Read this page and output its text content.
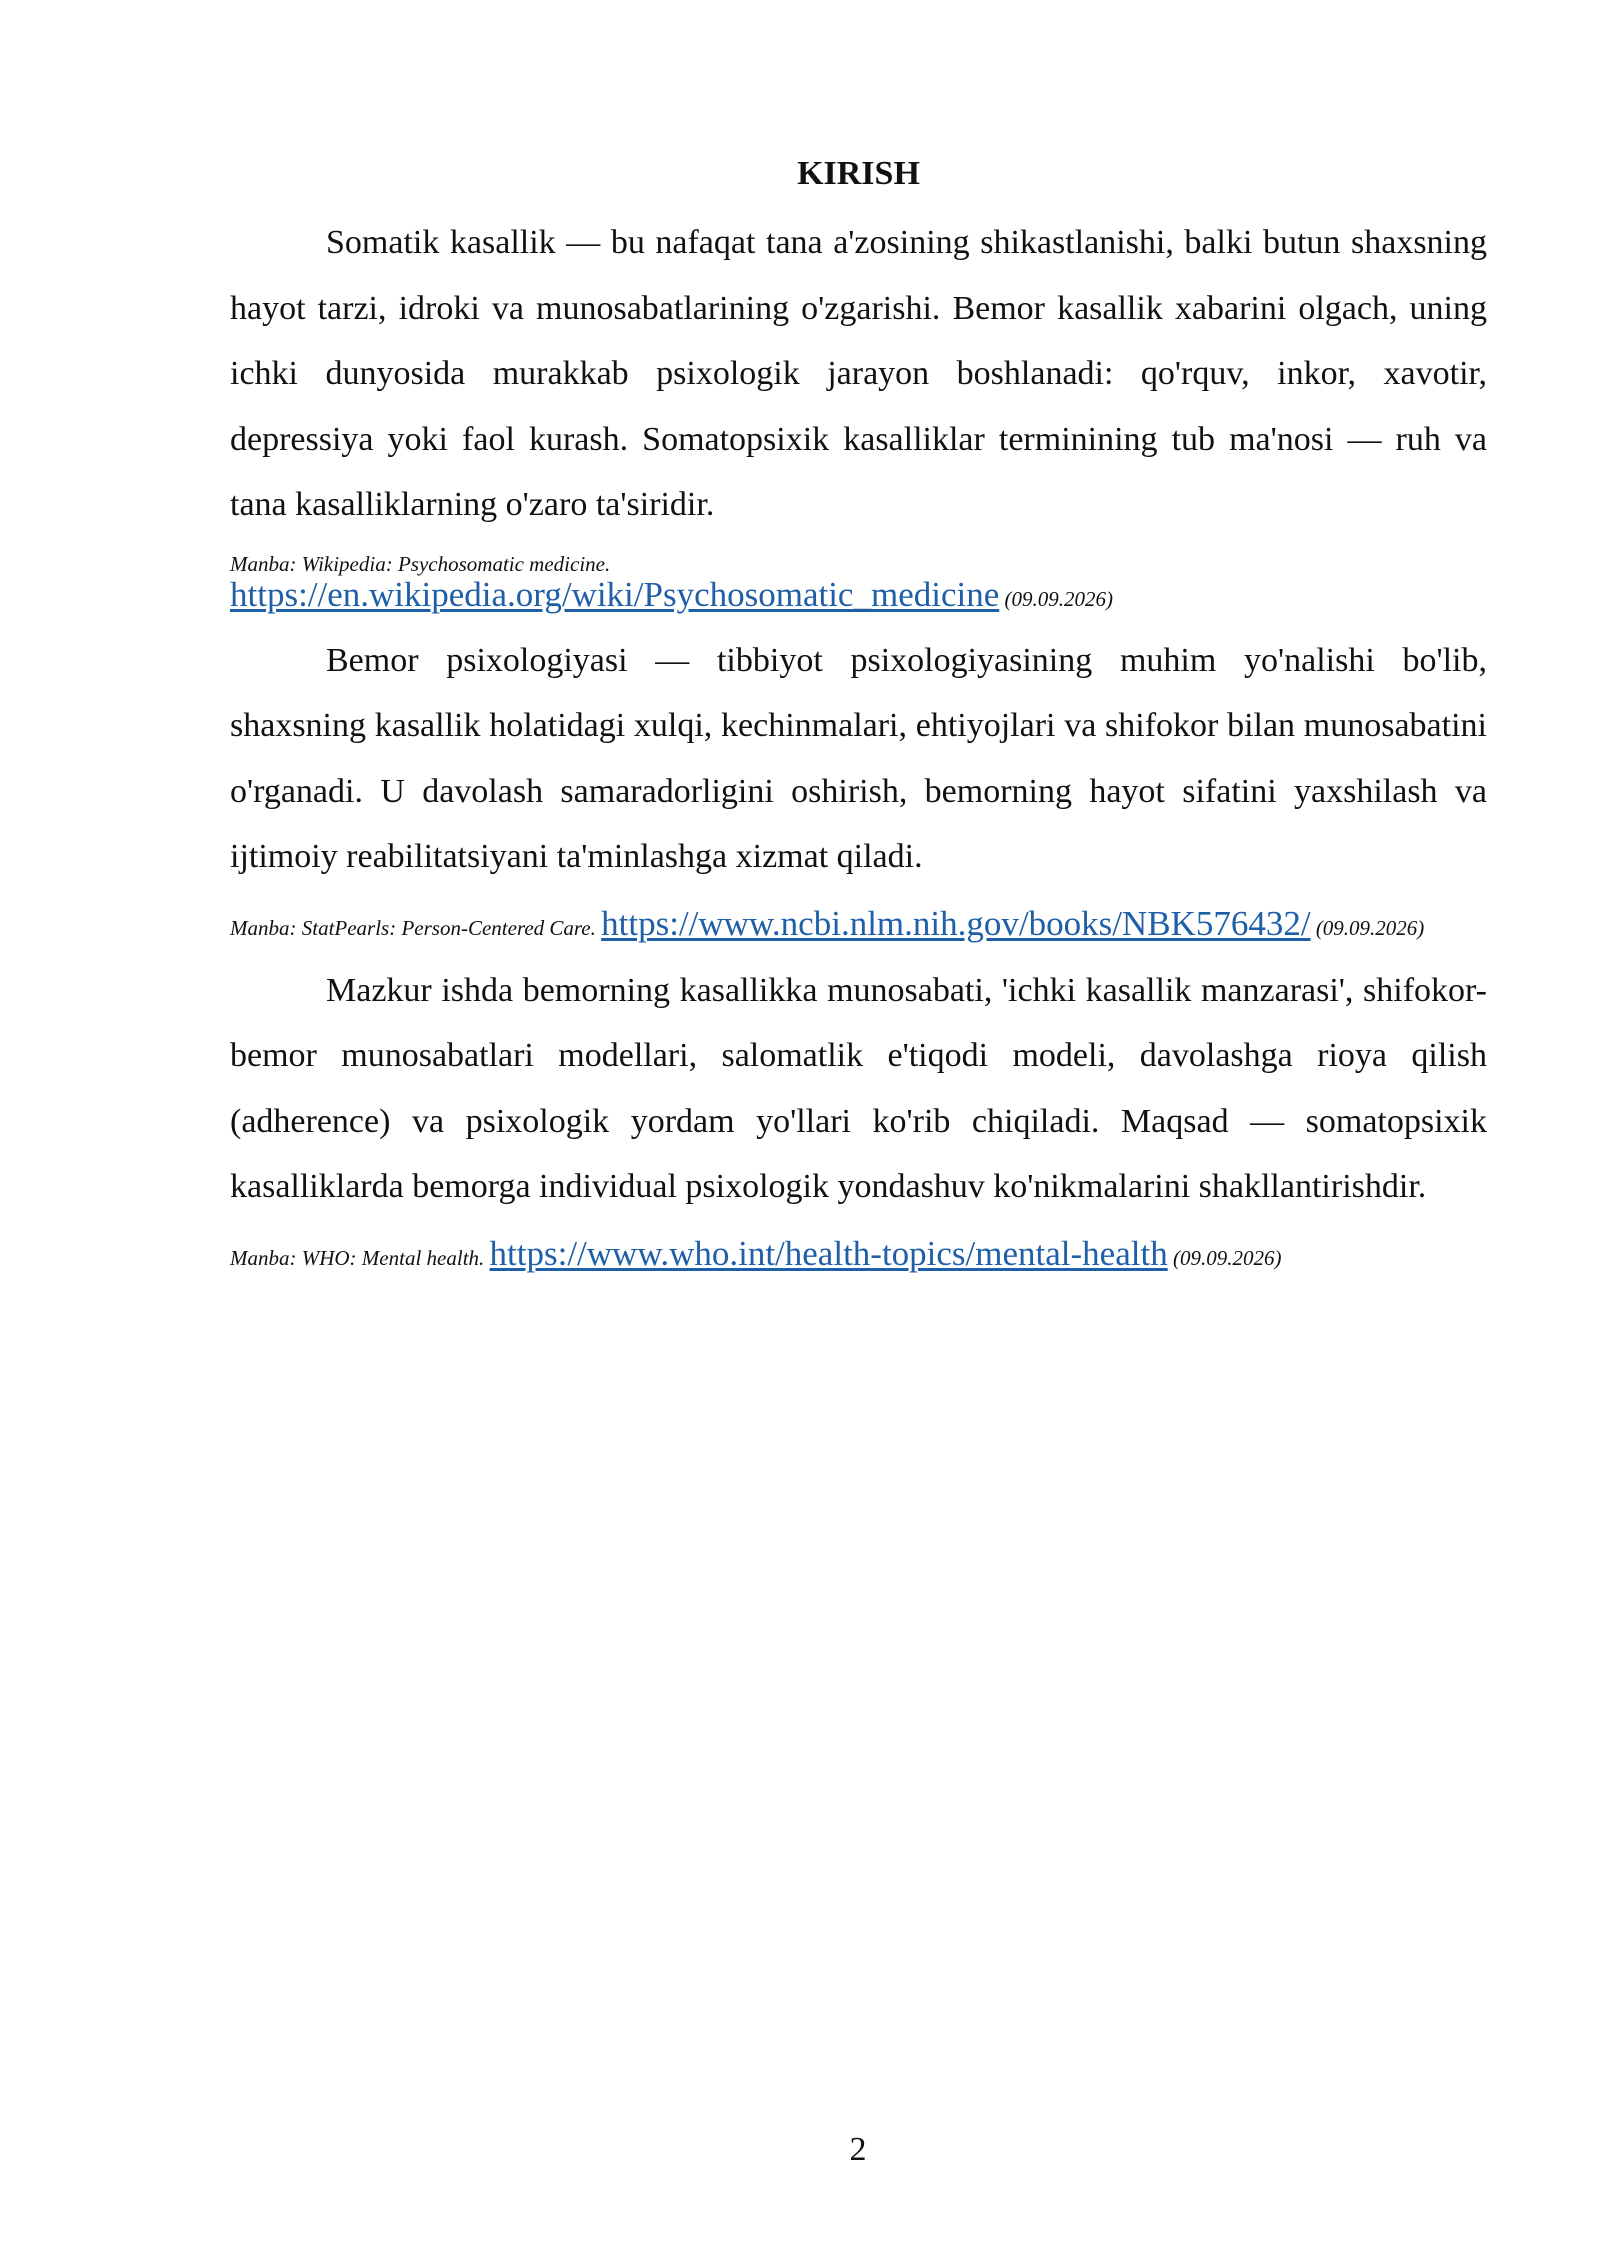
KIRISH

Somatik kasallik — bu nafaqat tana a'zosining shikastlanishi, balki butun shaxsning hayot tarzi, idroki va munosabatlarining o'zgarishi. Bemor kasallik xabarini olgach, uning ichki dunyosida murakkab psixologik jarayon boshlanadi: qo'rquv, inkor, xavotir, depressiya yoki faol kurash. Somatopsixik kasalliklar terminining tub ma'nosi — ruh va tana kasalliklarning o'zaro ta'siridir.

Manba: Wikipedia: Psychosomatic medicine.
https://en.wikipedia.org/wiki/Psychosomatic_medicine (09.09.2026)

Bemor psixologiyasi — tibbiyot psixologiyasining muhim yo'nalishi bo'lib, shaxsning kasallik holatidagi xulqi, kechinmalari, ehtiyojlari va shifokor bilan munosabatini o'rganadi. U davolash samaradorligini oshirish, bemorning hayot sifatini yaxshilash va ijtimoiy reabilitatsiyani ta'minlashga xizmat qiladi.

Manba: StatPearls: Person-Centered Care. https://www.ncbi.nlm.nih.gov/books/NBK576432/ (09.09.2026)

Mazkur ishda bemorning kasallikka munosabati, 'ichki kasallik manzarasi', shifokor-bemor munosabatlari modellari, salomatlik e'tiqodi modeli, davolashga rioya qilish (adherence) va psixologik yordam yo'llari ko'rib chiqiladi. Maqsad — somatopsixik kasalliklarda bemorga individual psixologik yondashuv ko'nikmalarini shakllantirishdir.

Manba: WHO: Mental health. https://www.who.int/health-topics/mental-health (09.09.2026)
2
